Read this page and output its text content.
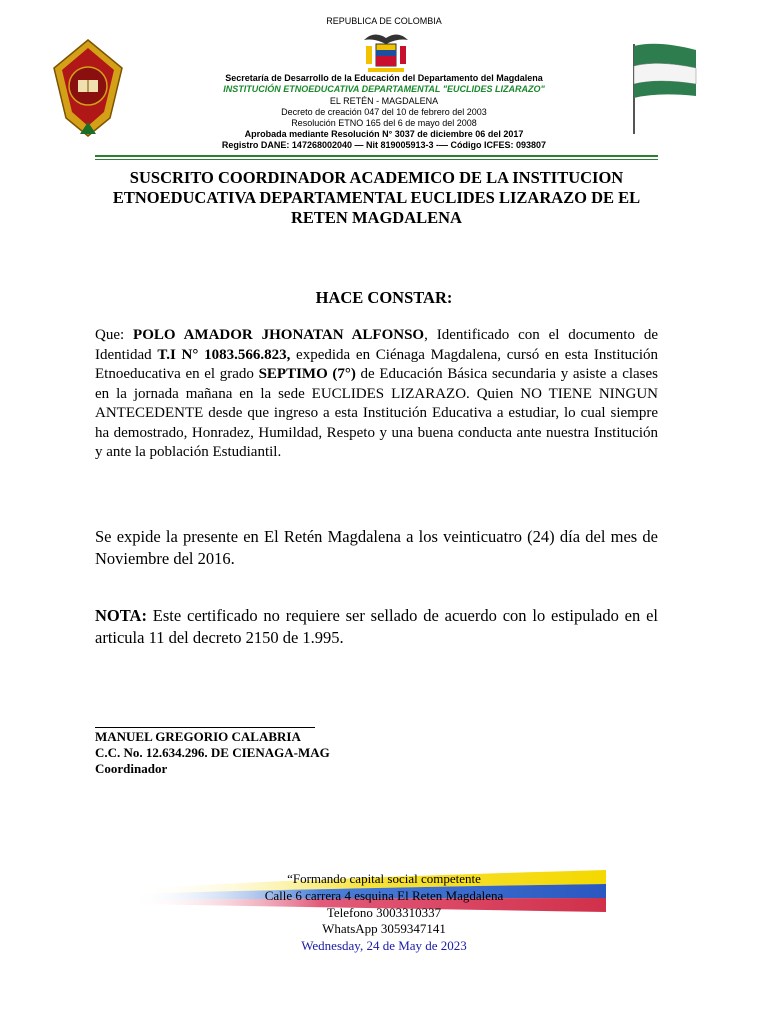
REPUBLICA DE COLOMBIA
Secretaría de Desarrollo de la Educación del Departamento del Magdalena
INSTITUCIÓN ETNOEDUCATIVA DEPARTAMENTAL "EUCLIDES LIZARAZO"
EL RETÉN - MAGDALENA
Decreto de creación 047 del 10 de febrero del 2003
Resolución ETNO 165 del 6 de mayo del 2008
Aprobada mediante Resolución N° 3037 de diciembre 06 del 2017
Registro DANE: 147268002040 — Nit 819005913-3 -— Código ICFES: 093807
SUSCRITO COORDINADOR ACADEMICO DE LA INSTITUCION ETNOEDUCATIVA DEPARTAMENTAL EUCLIDES LIZARAZO DE EL RETEN MAGDALENA
HACE CONSTAR:
Que: POLO AMADOR JHONATAN ALFONSO, Identificado con el documento de Identidad T.I N° 1083.566.823, expedida en Ciénaga Magdalena, cursó en esta Institución Etnoeducativa en el grado SEPTIMO (7°) de Educación Básica secundaria y asiste a clases en la jornada mañana en la sede EUCLIDES LIZARAZO. Quien NO TIENE NINGUN ANTECEDENTE desde que ingreso a esta Institución Educativa a estudiar, lo cual siempre ha demostrado, Honradez, Humildad, Respeto y una buena conducta ante nuestra Institución y ante la población Estudiantil.
Se expide la presente en El Retén Magdalena a los veinticuatro (24) día del mes de Noviembre del 2016.
NOTA: Este certificado no requiere ser sellado de acuerdo con lo estipulado en el articula 11 del decreto 2150 de 1.995.
MANUEL GREGORIO CALABRIA
C.C. No. 12.634.296. DE CIENAGA-MAG
Coordinador
“Formando capital social competente
Calle 6 carrera 4 esquina El Reten Magdalena
Telefono 3003310337
WhatsApp 3059347141
Wednesday, 24 de May de 2023
